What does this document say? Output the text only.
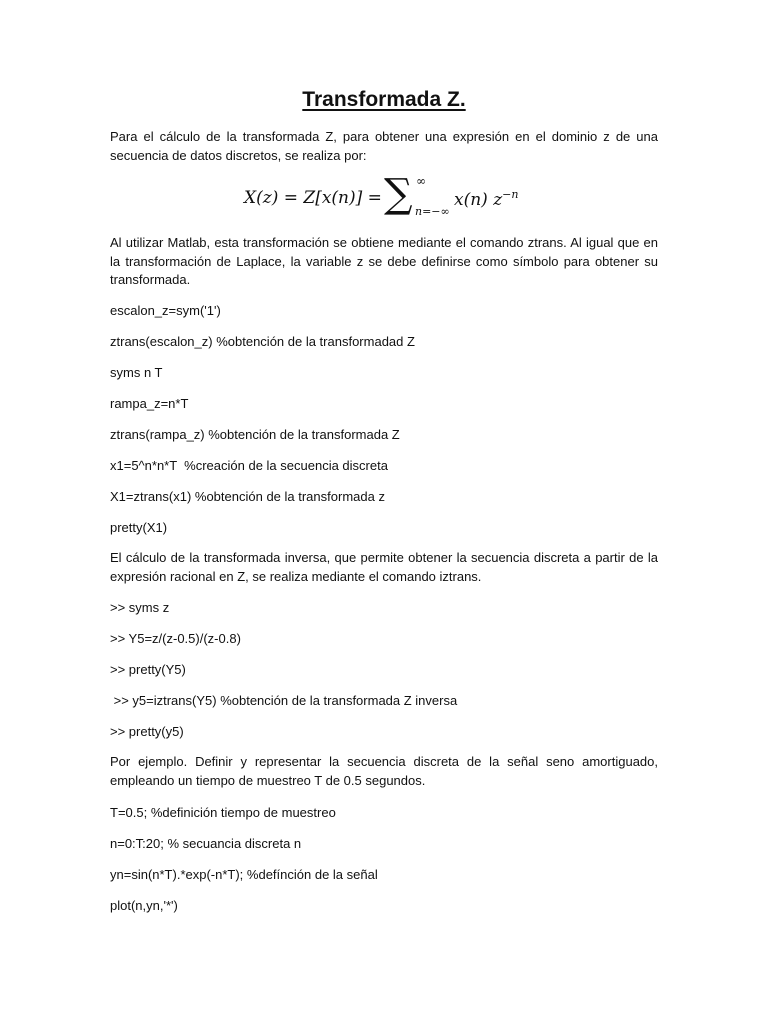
Transformada Z.
Para el cálculo de la transformada Z, para obtener una expresión en el dominio z de una secuencia de datos discretos, se realiza por:
X(z) = Z[x(n)] = ∑ ∞
n=−∞
x(n) $z^{-n}$
Al utilizar Matlab, esta transformación se obtiene mediante el comando ztrans. Al igual que en la transformación de Laplace, la variable z se debe definirse como símbolo para obtener su transformada.
escalon_z=sym('1')
ztrans(escalon_z) %obtención de la transformadad Z
syms n T
rampa_z=n*T
ztrans(rampa_z) %obtención de la transformada Z
x1=5^n*n*T  %creación de la secuencia discreta
X1=ztrans(x1) %obtención de la transformada z
pretty(X1)
El cálculo de la transformada inversa, que permite obtener la secuencia discreta a partir de la expresión racional en Z, se realiza mediante el comando iztrans.
>> syms z
>> Y5=z/(z-0.5)/(z-0.8)
>> pretty(Y5)
>> y5=iztrans(Y5) %obtención de la transformada Z inversa
>> pretty(y5)
Por ejemplo. Definir y representar la secuencia discreta de la señal seno amortiguado, empleando un tiempo de muestreo T de 0.5 segundos.
T=0.5; %definición tiempo de muestreo
n=0:T:20; % secuancia discreta n
yn=sin(n*T).*exp(-n*T); %defínción de la señal
plot(n,yn,'*')
